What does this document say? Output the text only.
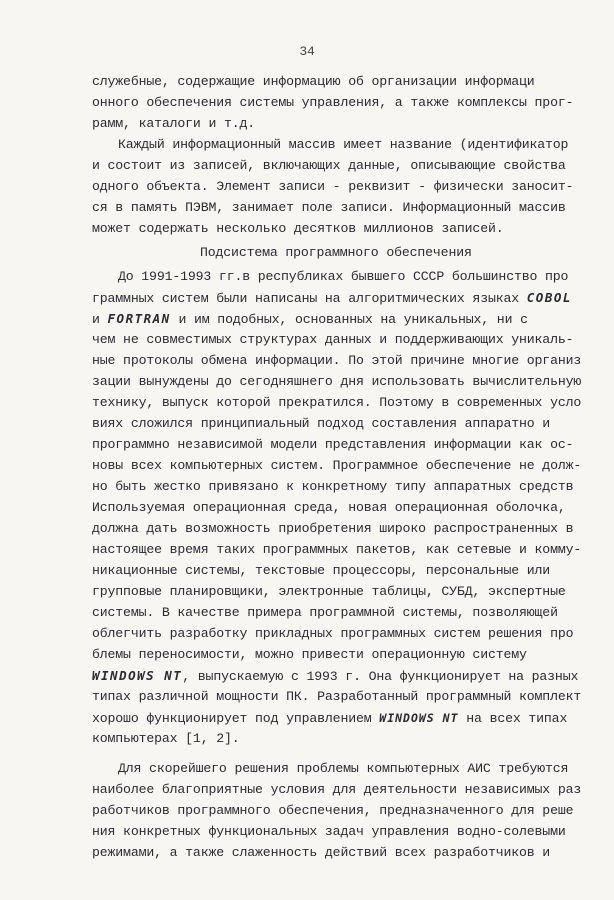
34
служебные, содержащие информацию об организации информаци
онного обеспечения системы управления, а также комплексы прог-
рамм, каталоги и т.д.
Каждый информационный массив имеет название (идентификатор
и состоит из записей, включающих данные, описывающие свойства
одного объекта. Элемент записи - реквизит - физически заносит-
ся в память ПЭВМ, занимает поле записи. Информационный массив
может содержать несколько десятков миллионов записей.
Подсистема программного обеспечения
До 1991-1993 гг.в республиках бывшего СССР большинство про
граммных систем были написаны на алгоритмических языках COBOL
и FORTRAN и им подобных, основанных на уникальных, ни с
чем не совместимых структурах данных и поддерживающих уникаль-
ные протоколы обмена информации. По этой причине многие организ
зации вынуждены до сегодняшнего дня использовать вычислительную
технику, выпуск которой прекратился. Поэтому в современных усло
виях сложился принципиальный подход составления аппаратно и
программно независимой модели представления информации как ос-
новы всех компьютерных систем. Программное обеспечение не долж-
но быть жестко привязано к конкретному типу аппаратных средств
Используемая операционная среда, новая операционная оболочка,
должна дать возможность приобретения широко распространенных в
настоящее время таких программных пакетов, как сетевые и комму-
никационные системы, текстовые процессоры, персональные или
групповые планировщики, электронные таблицы, СУБД, экспертные
системы. В качестве примера программной системы, позволяющей
облегчить разработку прикладных программных систем решения про
блемы переносимости, можно привести операционную систему
WINDOWS NT, выпускаемую с 1993 г. Она функционирует на разных
типах различной мощности ПК. Разработанный программный комплект
хорошо функционирует под управлением WINDOWS NT на всех типах
компьютерах [1, 2].
Для скорейшего решения проблемы компьютерных АИС требуются
наиболее благоприятные условия для деятельности независимых раз
работчиков программного обеспечения, предназначенного для реше
ния конкретных функциональных задач управления водно-солевыми
режимами, а также слаженность действий всех разработчиков и
